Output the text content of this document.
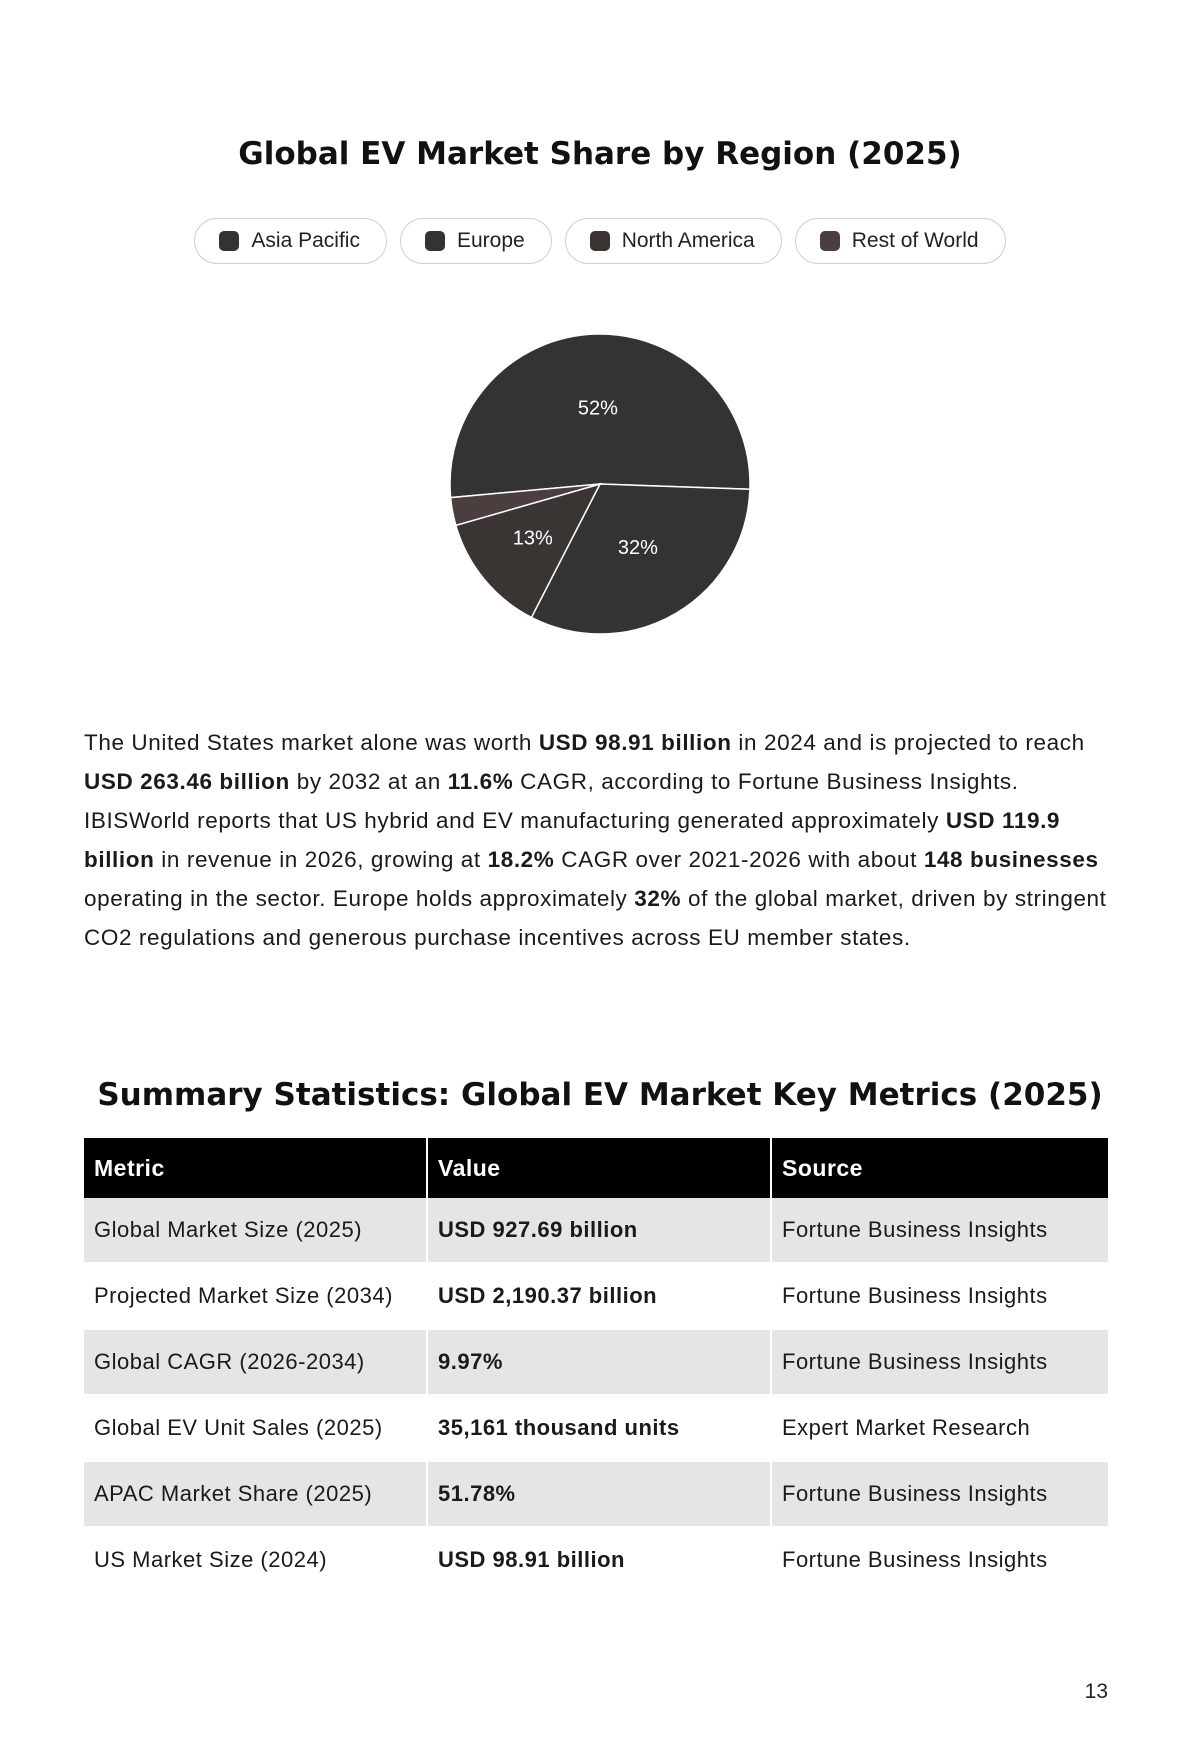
Global EV Market Share by Region (2025)
Asia Pacific	Europe	North America	Rest of World
52%
32%
13%

The United States market alone was worth USD 98.91 billion in 2024 and is projected to reach USD 263.46 billion by 2032 at an 11.6% CAGR, according to Fortune Business Insights. IBISWorld reports that US hybrid and EV manufacturing generated approximately USD 119.9 billion in revenue in 2026, growing at 18.2% CAGR over 2021-2026 with about 148 businesses operating in the sector. Europe holds approximately 32% of the global market, driven by stringent CO2 regulations and generous purchase incentives across EU member states.

Summary Statistics: Global EV Market Key Metrics (2025)
Metric	Value	Source
Global Market Size (2025)	USD 927.69 billion	Fortune Business Insights
Projected Market Size (2034)	USD 2,190.37 billion	Fortune Business Insights
Global CAGR (2026-2034)	9.97%	Fortune Business Insights
Global EV Unit Sales (2025)	35,161 thousand units	Expert Market Research
APAC Market Share (2025)	51.78%	Fortune Business Insights
US Market Size (2024)	USD 98.91 billion	Fortune Business Insights
13
